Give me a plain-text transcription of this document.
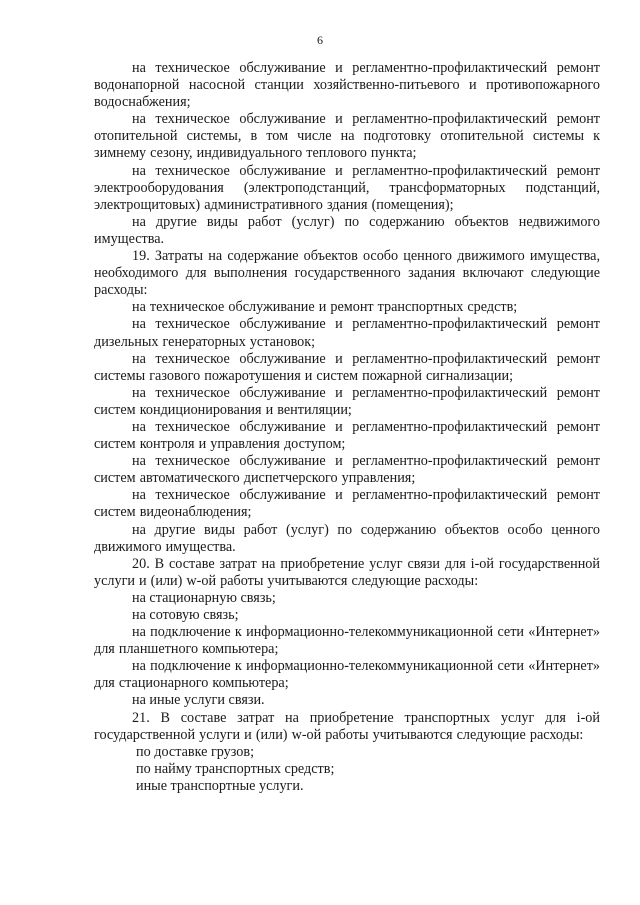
6

на техническое обслуживание и регламентно-профилактический ремонт водонапорной насосной станции хозяйственно-питьевого и противопожарного водоснабжения;

на техническое обслуживание и регламентно-профилактический ремонт отопительной системы, в том числе на подготовку отопительной системы к зимнему сезону, индивидуального теплового пункта;

на техническое обслуживание и регламентно-профилактический ремонт электрооборудования (электроподстанций, трансформаторных подстанций, электрощитовых) административного здания (помещения);

на другие виды работ (услуг) по содержанию объектов недвижимого имущества.

19. Затраты на содержание объектов особо ценного движимого имущества, необходимого для выполнения государственного задания включают следующие расходы:

на техническое обслуживание и ремонт транспортных средств;

на техническое обслуживание и регламентно-профилактический ремонт дизельных генераторных установок;

на техническое обслуживание и регламентно-профилактический ремонт системы газового пожаротушения и систем пожарной сигнализации;

на техническое обслуживание и регламентно-профилактический ремонт систем кондиционирования и вентиляции;

на техническое обслуживание и регламентно-профилактический ремонт систем контроля и управления доступом;

на техническое обслуживание и регламентно-профилактический ремонт систем автоматического диспетчерского управления;

на техническое обслуживание и регламентно-профилактический ремонт систем видеонаблюдения;

на другие виды работ (услуг) по содержанию объектов особо ценного движимого имущества.

20. В составе затрат на приобретение услуг связи для i-ой государственной услуги и (или) w-ой работы учитываются следующие расходы:

на стационарную связь;

на сотовую связь;

на подключение к информационно-телекоммуникационной сети «Интернет» для планшетного компьютера;

на подключение к информационно-телекоммуникационной сети «Интернет» для стационарного компьютера;

на иные услуги связи.

21. В составе затрат на приобретение транспортных услуг для i-ой государственной услуги и (или) w-ой работы учитываются следующие расходы:

по доставке грузов;

по найму транспортных средств;

иные транспортные услуги.
